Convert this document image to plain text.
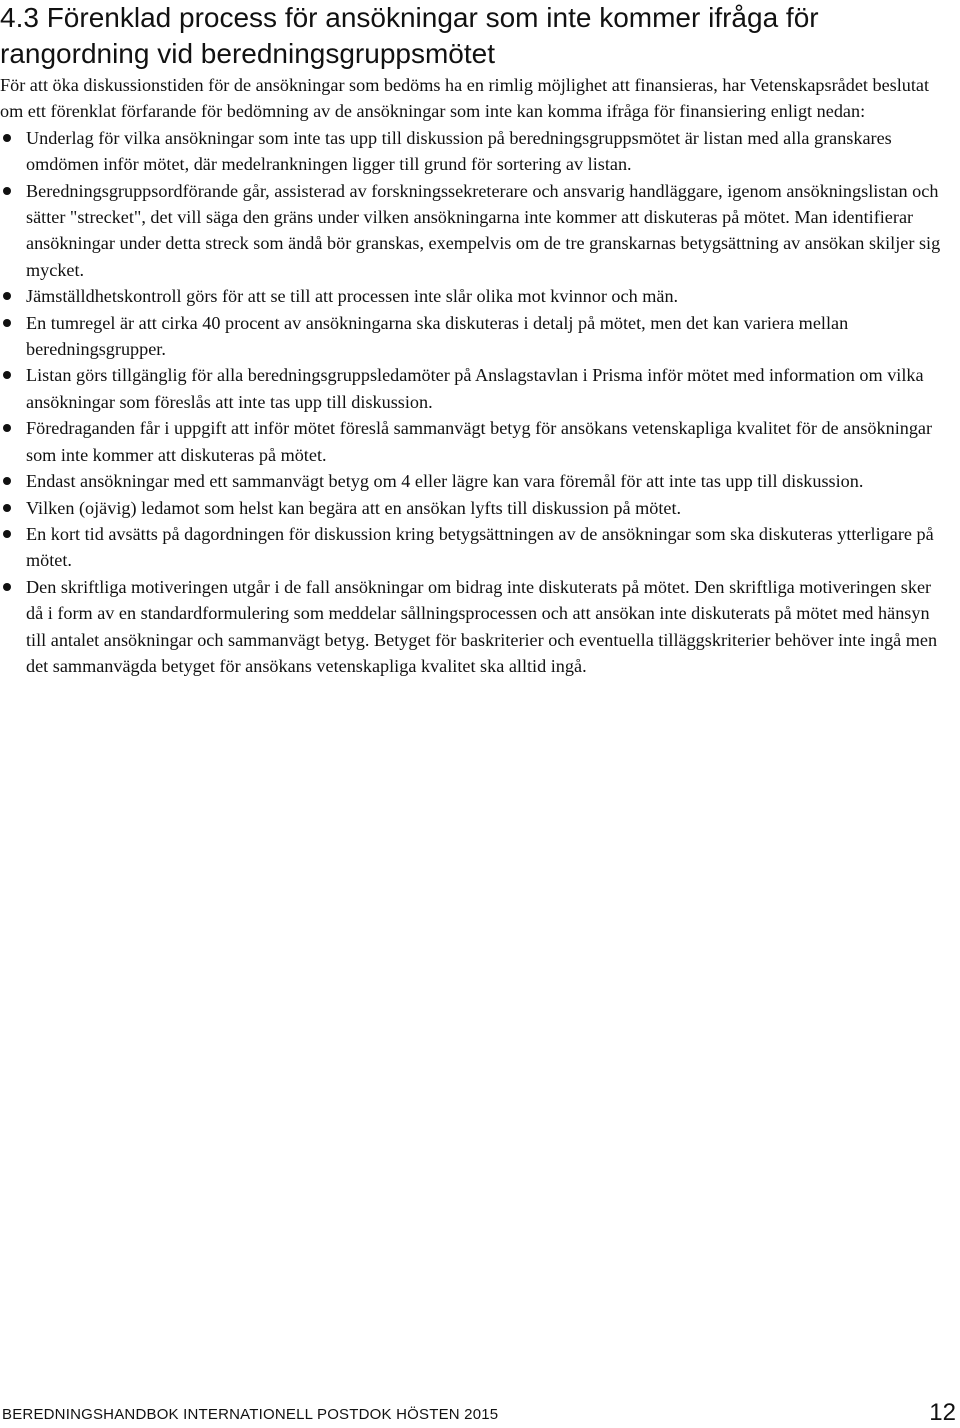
4.3 Förenklad process för ansökningar som inte kommer ifråga för rangordning vid beredningsgruppsmötet

För att öka diskussionstiden för de ansökningar som bedöms ha en rimlig möjlighet att finansieras, har Vetenskapsrådet beslutat om ett förenklat förfarande för bedömning av de ansökningar som inte kan komma ifråga för finansiering enligt nedan:

Underlag för vilka ansökningar som inte tas upp till diskussion på beredningsgruppsmötet är listan med alla granskares omdömen inför mötet, där medelrankningen ligger till grund för sortering av listan.
Beredningsgruppsordförande går, assisterad av forskningssekreterare och ansvarig handläggare, igenom ansökningslistan och sätter "strecket", det vill säga den gräns under vilken ansökningarna inte kommer att diskuteras på mötet. Man identifierar ansökningar under detta streck som ändå bör granskas, exempelvis om de tre granskarnas betygsättning av ansökan skiljer sig mycket.
Jämställdhetskontroll görs för att se till att processen inte slår olika mot kvinnor och män.
En tumregel är att cirka 40 procent av ansökningarna ska diskuteras i detalj på mötet, men det kan variera mellan beredningsgrupper.
Listan görs tillgänglig för alla beredningsgruppsledamöter på Anslagstavlan i Prisma inför mötet med information om vilka ansökningar som föreslås att inte tas upp till diskussion.
Föredraganden får i uppgift att inför mötet föreslå sammanvägt betyg för ansökans vetenskapliga kvalitet för de ansökningar som inte kommer att diskuteras på mötet.
Endast ansökningar med ett sammanvägt betyg om 4 eller lägre kan vara föremål för att inte tas upp till diskussion.
Vilken (ojävig) ledamot som helst kan begära att en ansökan lyfts till diskussion på mötet.
En kort tid avsätts på dagordningen för diskussion kring betygsättningen av de ansökningar som ska diskuteras ytterligare på mötet.
Den skriftliga motiveringen utgår i de fall ansökningar om bidrag inte diskuterats på mötet. Den skriftliga motiveringen sker då i form av en standardformulering som meddelar sållningsprocessen och att ansökan inte diskuterats på mötet med hänsyn till antalet ansökningar och sammanvägt betyg. Betyget för baskriterier och eventuella tilläggskriterier behöver inte ingå men det sammanvägda betyget för ansökans vetenskapliga kvalitet ska alltid ingå.
BEREDNINGSHANDBOK INTERNATIONELL POSTDOK HÖSTEN 2015	12
